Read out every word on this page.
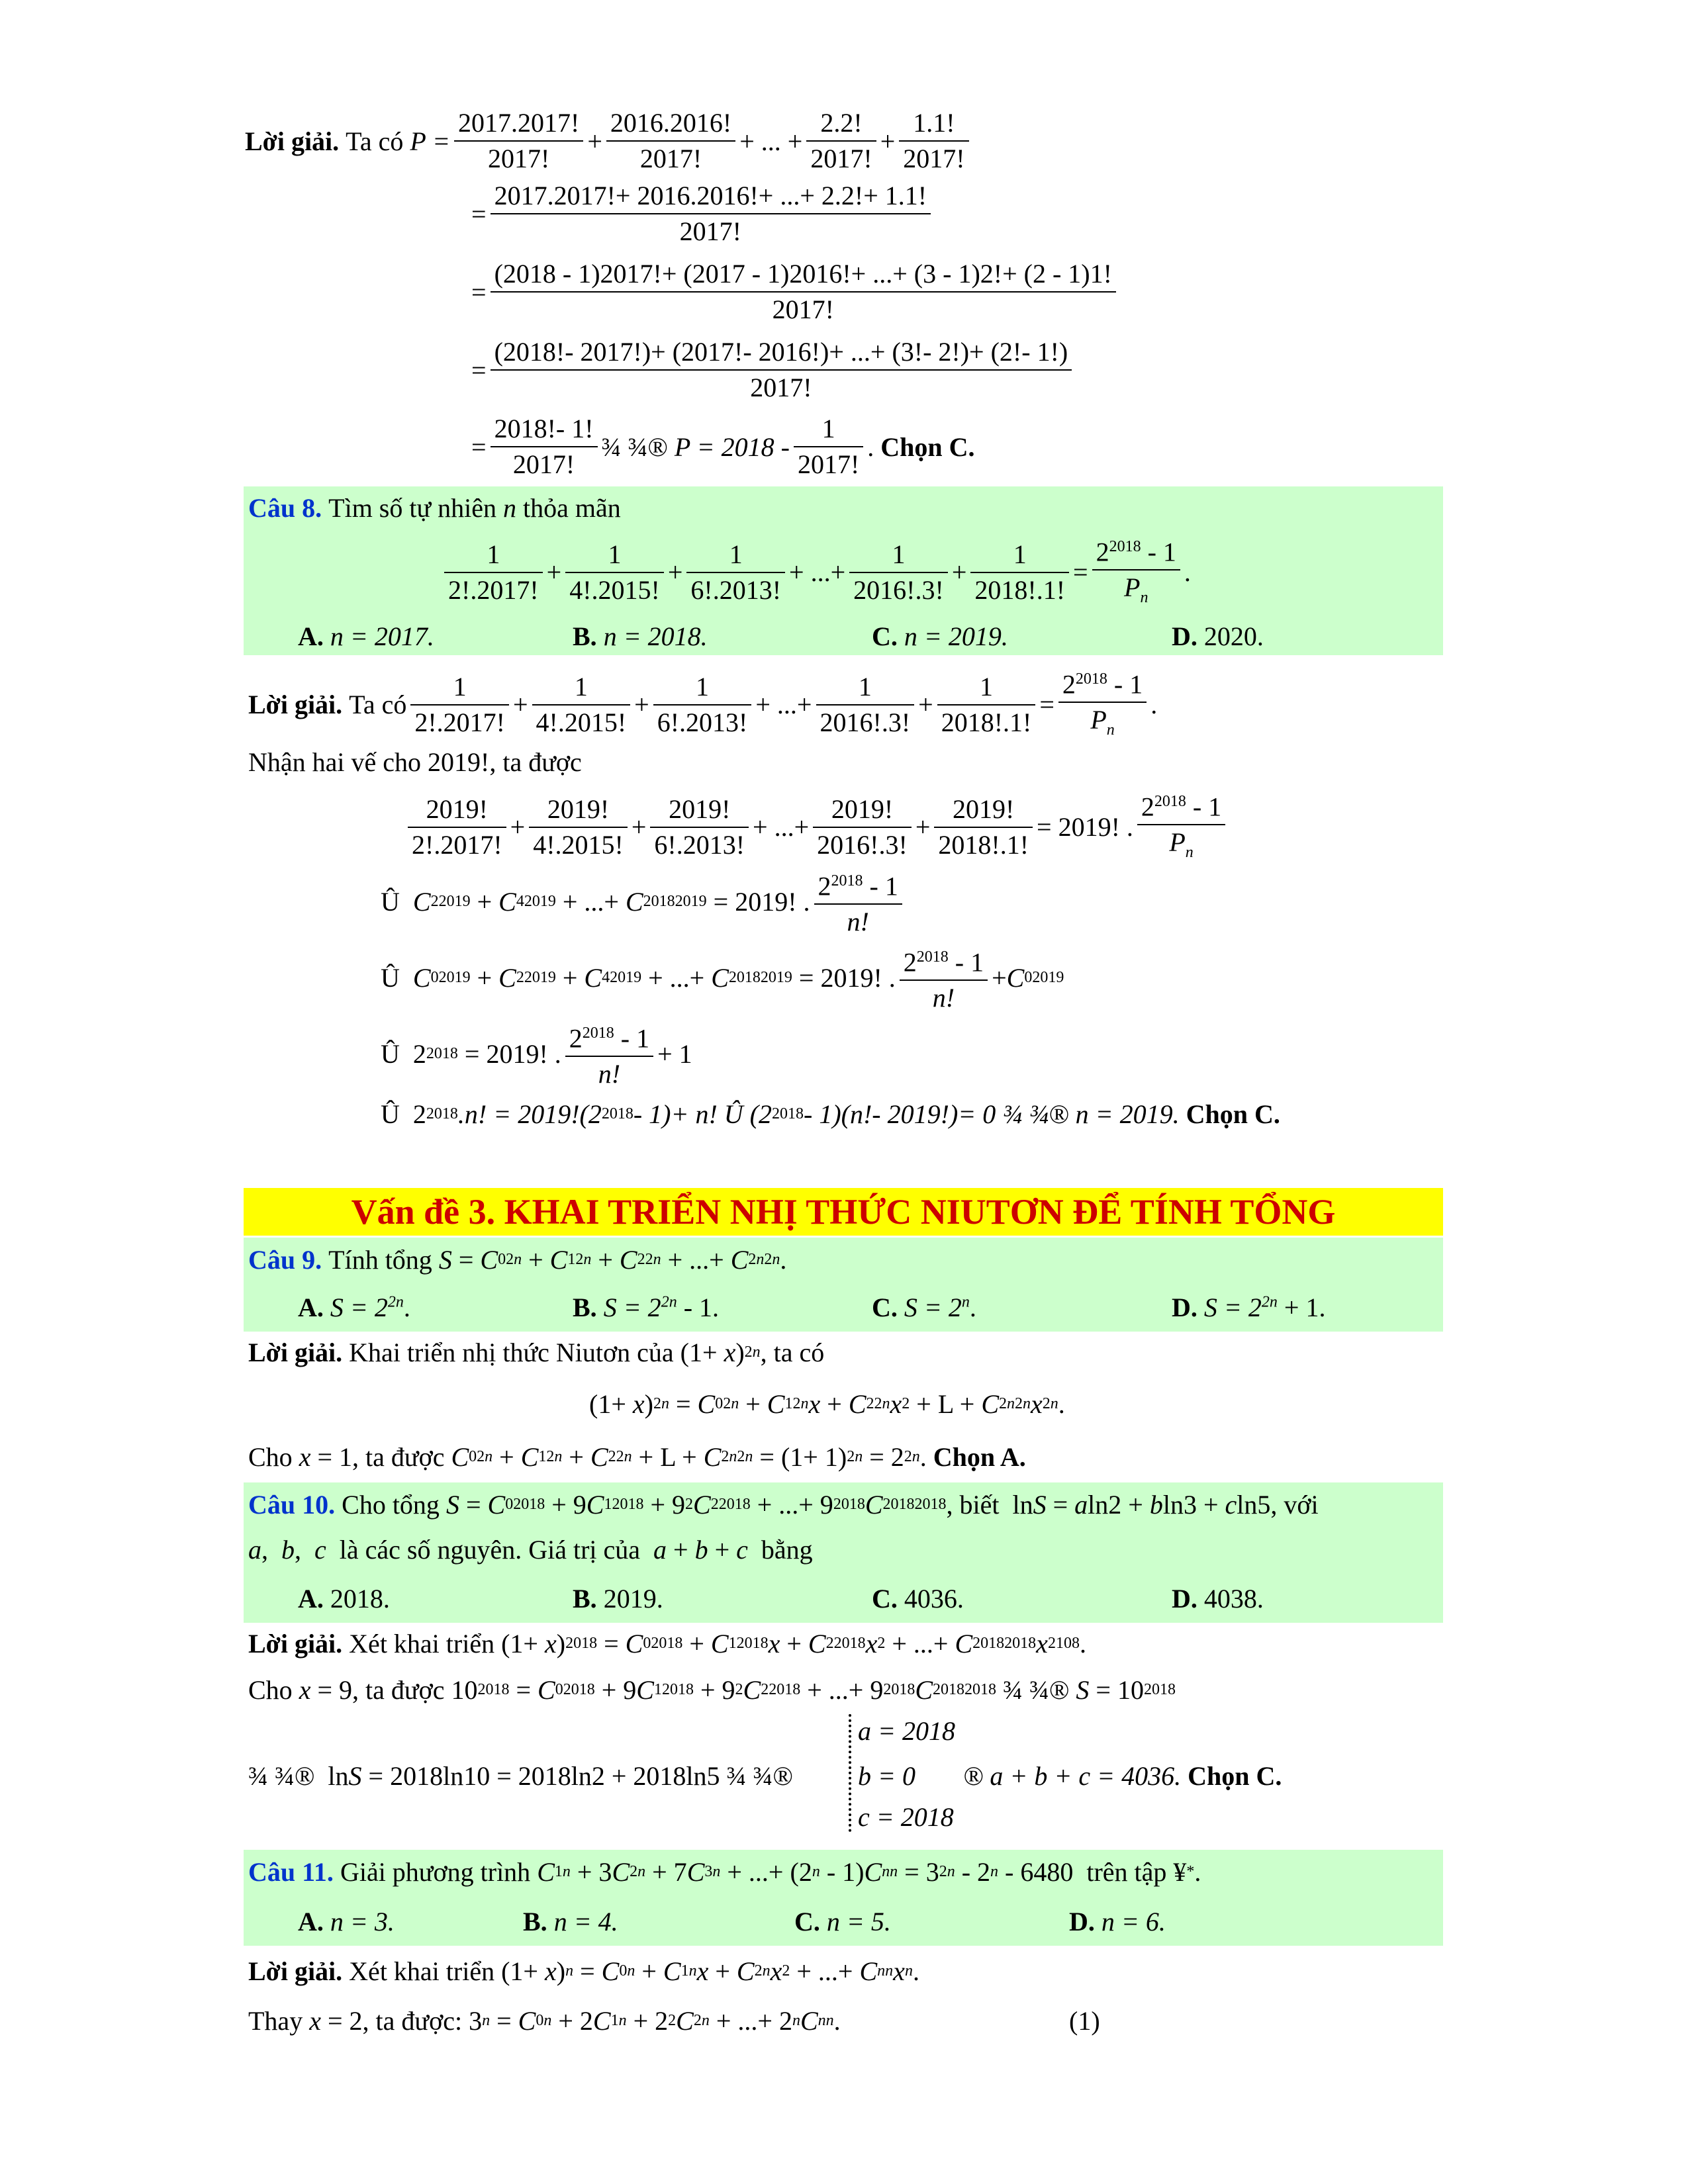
Lời giải.
Ta có
$P = \frac{2017.2017!}{2017!} + \frac{2016.2016!}{2017!}$ + ... + $\frac{2.2!}{2017!} + \frac{1.1!}{2017!}$
= $\frac{2017.2017!+ 2016.2016!+ ...+ 2.2!+ 1.1!}{2017!}$
= $\frac{(2018 - 1)2017!+ (2017 - 1)2016!+ ...+ (3 - 1)2!+ (2 - 1)1!}{2017!}$
= $\frac{(2018!- 2017!)+ (2017!- 2016!)+ ...+ (3!- 2!)+ (2!- 1!)}{2017!}$
= $\frac{2018!- 1!}{2017!}$ ¾ ¾®
$P = 2018 - \frac{1}{2017!}$ . Chọn C.
Câu 8.
Tìm số tự nhiên
n
thỏa mãn
$\frac{1}{2!.2017!} + \frac{1}{4!.2015!} + \frac{1}{6!.2013!}$ + ...+ $\frac{1}{2016!.3!} + \frac{1}{2018!.1!} = \frac{2^{2018} - 1}{P_n}$ .
A. n = 2017.	B. n = 2018.	C. n = 2019.	D. 2020.
Lời giải.
Ta có $\frac{1}{2!.2017!} + \frac{1}{4!.2015!} + \frac{1}{6!.2013!}$ + ...+ $\frac{1}{2016!.3!} + \frac{1}{2018!.1!} = \frac{2^{2018} - 1}{P_n}$ .
Nhận hai vế cho 2019!, ta được
$\frac{2019!}{2!.2017!} + \frac{2019!}{4!.2015!} + \frac{2019!}{6!.2013!}$ + ...+ $\frac{2019!}{2016!.3!} + \frac{2019!}{2018!.1!} = 2019$! . $\frac{2^{2018} - 1}{P_n}$
Û
C 2 2019 + C 4 2019 + ...+ C 2018 2019
= 2019! . $\frac{2^{2018} - 1}{n!}$
Û
C 0 2019 + C 2 2019 + C 4 2019 + ...+ C 2018 2019
= 2019! . $\frac{2^{2018} - 1}{n!} + C$ 0 2019
Û
2 2018
= 2019! . $\frac{2^{2018} - 1}{n!} + 1$
Û
2 2018 .n! = 2019!(2 2018 - 1)+ n! Û (2 2018 - 1)(n!- 2019!)= 0 ¾ ¾® n = 2019.
Chọn C.
Vấn đề 3. KHAI TRIỂN NHỊ THỨC NIUTƠN ĐỂ TÍNH TỔNG
Câu 9.
Tính tổng
S = C 0 2n + C 1 2n + C 2 2n + ...+ C 2n 2n .
A. $S = 2^{2n}$.	B. $S = 2^{2n} - 1$.	C. $S = 2^n$.	D. $S = 2^{2n} + 1$.
Lời giải.
Khai triển nhị thức Niutơn của (1+ x ) 2n , ta có
(1+ x ) 2n = C 0 2n + C 1 2n x + C 2 2n x 2 + L + C 2n 2n x 2n .
Cho
x = 1 , ta được
C 0 2n + C 1 2n + C 2 2n + L + C 2n 2n = (1+ 1) 2n = 2 2n . Chọn A.
Câu 10.
Cho tổng
S = C 0 2018 + 9 C 1 2018 + 9 2 C 2 2018 + ...+ 9 2018 C 2018 2018 , biết ln S = a ln2 + b ln3 + c ln5, với
a , b , c
là các số nguyên. Giá trị của
a + b + c
bằng
A. 2018.	B. 2019.	C. 4036.	D. 4038.
Lời giải.
Xét khai triển (1+ x ) 2018 = C 0 2018 + C 1 2018 x + C 2 2018 x 2 + ...+ C 2018 2018 x 2108 .
Cho
x = 9 , ta được 10 2018 = C 0 2018 + 9 C 1 2018 + 9 2 C 2 2018 + ...+ 9 2018 C 2018 2018 ¾ ¾® S = 10 2018
¾ ¾®  ln S = 2018ln10 = 2018ln2 + 2018ln5 ¾ ¾®
a = 2018
b = 0
c = 2018
® a + b + c = 4036.
Chọn C.
Câu 11.
Giải phương trình
C 1 n + 3 C 2 n + 7 C 3 n + ...+ (2 n - 1) C n n = 3 2n - 2 n - 6480 trên tập ¥ * .
A. n = 3.	B. n = 4.	C. n = 5.	D. n = 6.
Lời giải.
Xét khai triển (1+ x ) n = C 0 n + C 1 n x + C 2 n x 2 + ...+ C n n x n .
Thay
x = 2 , ta được: 3 n = C 0 n + 2 C 1 n + 2 2 C 2 n + ...+ 2 n C n n .	(1)
